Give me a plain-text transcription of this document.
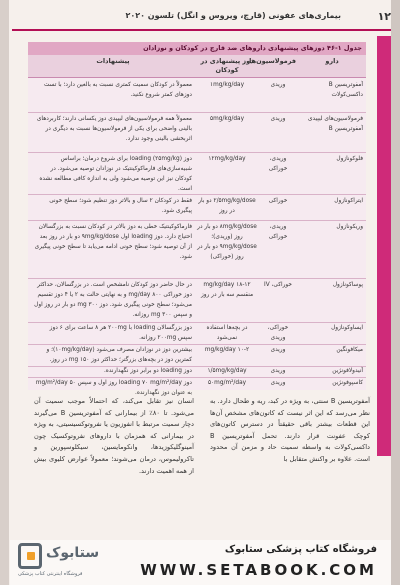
۱۲
بیماری‌های عفونی (قارچ، ویروس و انگل) تلسون ۲۰۲۰
جدول ۱-۴۶ دوزهای پیشنهادی داروهای ضد قارچ در کودکان و نوزادان
دارو
فرمولاسیون‌ها
دوز پیشنهادی در کودکان
پیشنهادات
آمفوتریسین B داکسی‌کولات
وریدی
۱mg/kg/day
معمولاً در کودکان سمیت کمتری نسبت به بالغین دارد؛ با تست دوزهای کمتر شروع نکنید.
فرمولاسیون‌های لیپیدی آمفوتریسین B
وریدی
۵mg/kg/day
معمولاً همه فرمولاسیون‌های لیپیدی دوز یکسانی دارند؛ کاربردهای بالینی واضحی برای یکی از فرمولاسیون‌ها نسبت به دیگری در اثربخشی بالینی وجود ندارد.
فلوکونازول
وریدی، خوراکی
۱۲mg/kg/day
دوز loading (۲۵mg/kg) برای شروع درمان؛ براساس شبیه‌سازی‌های فارماکوکینتیک در نوزادان توصیه می‌شود. در کودکان نیز این توصیه می‌شود ولی به اندازه کافی مطالعه نشده است.
ایتراکونازول
خوراکی
۲/۵mg/kg/dose دو بار در روز
فقط در کودکان ۲ سال و بالاتر دوز تنظیم شود؛ سطح خونی پیگیری شود.
وریکونازول
وریدی، خوراکی
۸mg/kg/dose دو بار در روز (وریدی)؛ ۹mg/kg/dose دو بار در روز (خوراکی)
فارماکوکینتیک خطی به دوز بالاتر در کودکان نسبت به بزرگسالان احتیاج دارد. دوز loading اول ۹mg/kg/dose دو بار در روز بعد از آن توصیه شود؛ سطح خونی ادامه می‌یابد تا سطح خونی پیگیری شود.
پوساکونازول
خوراکی، IV
۱۸-۱۲ mg/kg/day منقسم سه بار در روز
در حال حاضر دوز کودکان نامشخص است. در بزرگسالان، حداکثر دوز خوراکی ۸۰۰ mg/day و به نهایتی حالت به ۲ یا ۴ دوز تقسیم می‌شود؛ سطح خونی پیگیری شود. دوز ۳۰۰ mg دو بار در روز اول و سپس ۳۰۰ mg روزانه.
ایساوکونازول
خوراکی، وریدی
در بچه‌ها استفاده نمی‌شود
دوز بزرگسالان loading با ۲۰۰mg هر ۸ ساعت برای ۶ دوز سپس ۲۰۰mg روزانه.
میکافونگین
وریدی
۱۰-۲ mg/kg/day
بیشترین دوز در نوزادان مصرف می‌شود (۱۰mg/kg/day)؛ و کمترین دوز در بچه‌های بزرگتر؛ حداکثر دوز ۱۵۰ mg در روز.
آنیدولافونژین
وریدی
۱/۵mg/kg/day
دوز loading دو برابر دوز نگهدارنده.
کاسپوفونژین
وریدی
۵۰mg/m²/day
دوز loading ۷۰ mg/m²/day روز اول و سپس ۵۰ mg/m²/day به عنوان دوز نگهدارنده.
آمفوتریسین B سنتی، به ویژه در کبد، ریه و طحال دارد. به نظر می‌رسد که این اثر نیست که کاتون‌های مشخص آن‌ها این قطعات بیشتر باقی حقیقتاً در دسترس کاتون‌های کوچک عفونت قرار دارند. تحمل آمفوتریسین B داکسی‌کولات به واسطه سمیت حاد و مزمن آن محدود است. علاوه بر واکنش متقابل با
انسان نیز تقابل می‌کند، که احتمالاً موجب سمیت آن می‌شود. تا ۸۰٪ از بیمارانی که آمفوتریسین B می‌گیرند دچار سمیت مرتبط با انفوزیون یا نفروتوکسیسیتی، به ویژه در بیمارانی که همزمان با داروهای نفروتوکسیک چون آمینوگلیکوزیدها، وانکومایسین، سیکلوسپورین و تاکرولیموس، درمان می‌شوند؛ معمولاً عوارض کلیوی بیش از همه اهمیت دارند.
ستابوک
فروشگاه اینترنتی کتاب پزشکی
فروشگاه کتاب پزشکی ستابوک
WWW.SETABOOK.COM
